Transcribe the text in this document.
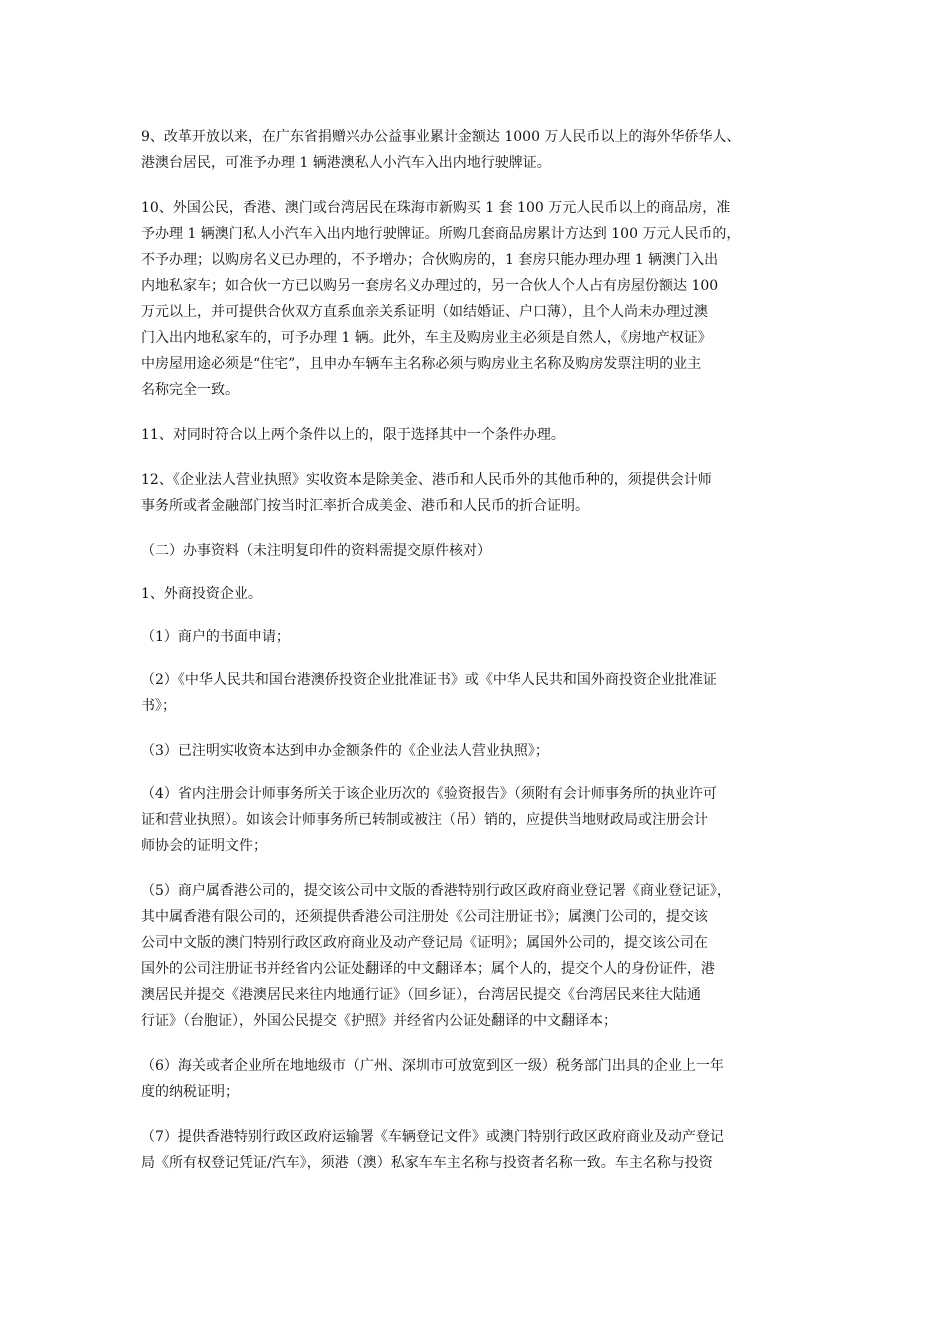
9、改革开放以来，在广东省捐赠兴办公益事业累计金额达 1000 万人民币以上的海外华侨华人、
港澳台居民，可准予办理 1 辆港澳私人小汽车入出内地行驶牌证。

10、外国公民，香港、澳门或台湾居民在珠海市新购买 1 套 100 万元人民币以上的商品房，准
予办理 1 辆澳门私人小汽车入出内地行驶牌证。所购几套商品房累计方达到 100 万元人民币的，
不予办理；以购房名义已办理的，不予增办；合伙购房的，1 套房只能办理办理 1 辆澳门入出
内地私家车；如合伙一方已以购另一套房名义办理过的，另一合伙人个人占有房屋份额达 100
万元以上，并可提供合伙双方直系血亲关系证明（如结婚证、户口薄），且个人尚未办理过澳
门入出内地私家车的，可予办理 1 辆。此外，车主及购房业主必须是自然人，《房地产权证》
中房屋用途必须是“住宅”，且申办车辆车主名称必须与购房业主名称及购房发票注明的业主
名称完全一致。

11、对同时符合以上两个条件以上的，限于选择其中一个条件办理。

12、《企业法人营业执照》实收资本是除美金、港币和人民币外的其他币种的，须提供会计师
事务所或者金融部门按当时汇率折合成美金、港币和人民币的折合证明。

（二）办事资料（未注明复印件的资料需提交原件核对）

1、外商投资企业。

（1）商户的书面申请；

（2）《中华人民共和国台港澳侨投资企业批准证书》或《中华人民共和国外商投资企业批准证
书》；

（3）已注明实收资本达到申办金额条件的《企业法人营业执照》；

（4）省内注册会计师事务所关于该企业历次的《验资报告》（须附有会计师事务所的执业许可
证和营业执照）。如该会计师事务所已转制或被注（吊）销的，应提供当地财政局或注册会计
师协会的证明文件；

（5）商户属香港公司的，提交该公司中文版的香港特别行政区政府商业登记署《商业登记证》，
其中属香港有限公司的，还须提供香港公司注册处《公司注册证书》；属澳门公司的，提交该
公司中文版的澳门特别行政区政府商业及动产登记局《证明》；属国外公司的，提交该公司在
国外的公司注册证书并经省内公证处翻译的中文翻译本；属个人的，提交个人的身份证件，港
澳居民并提交《港澳居民来往内地通行证》（回乡证），台湾居民提交《台湾居民来往大陆通
行证》（台胞证），外国公民提交《护照》并经省内公证处翻译的中文翻译本；

（6）海关或者企业所在地地级市（广州、深圳市可放宽到区一级）税务部门出具的企业上一年
度的纳税证明；

（7）提供香港特别行政区政府运输署《车辆登记文件》或澳门特别行政区政府商业及动产登记
局《所有权登记凭证/汽车》，须港（澳）私家车车主名称与投资者名称一致。车主名称与投资
